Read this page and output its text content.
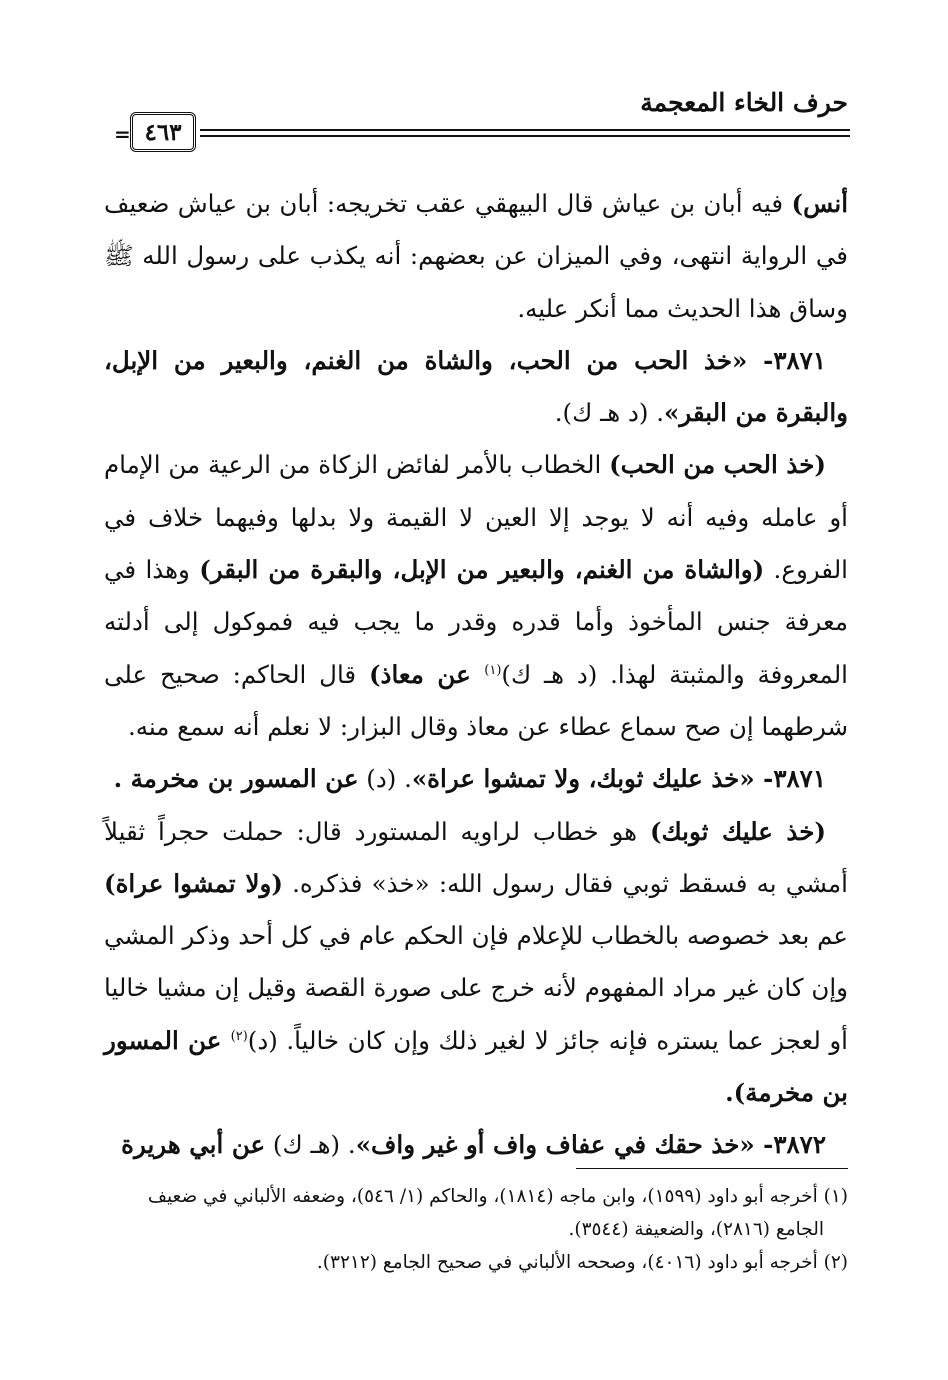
حرف الخاء المعجمة
٤٦٣
=

أنس) فيه أبان بن عياش قال البيهقي عقب تخريجه: أبان بن عياش ضعيف في الرواية انتهى، وفي الميزان عن بعضهم: أنه يكذب على رسول الله ﷺ وساق هذا الحديث مما أنكر عليه.

٣٨٧١- «خذ الحب من الحب، والشاة من الغنم، والبعير من الإبل، والبقرة من البقر». (د هـ ك).

(خذ الحب من الحب) الخطاب بالأمر لفائض الزكاة من الرعية من الإمام أو عامله وفيه أنه لا يوجد إلا العين لا القيمة ولا بدلها وفيهما خلاف في الفروع. (والشاة من الغنم، والبعير من الإبل، والبقرة من البقر) وهذا في معرفة جنس المأخوذ وأما قدره وقدر ما يجب فيه فموكول إلى أدلته المعروفة والمثبتة لهذا. (د هـ ك)$^{(١)}$ عن معاذ) قال الحاكم: صحيح على شرطهما إن صح سماع عطاء عن معاذ وقال البزار: لا نعلم أنه سمع منه.

٣٨٧١- «خذ عليك ثوبك، ولا تمشوا عراة». (د) عن المسور بن مخرمة .

(خذ عليك ثوبك) هو خطاب لراويه المستورد قال: حملت حجراً ثقيلاً أمشي به فسقط ثوبي فقال رسول الله: «خذ» فذكره. (ولا تمشوا عراة) عم بعد خصوصه بالخطاب للإعلام فإن الحكم عام في كل أحد وذكر المشي وإن كان غير مراد المفهوم لأنه خرج على صورة القصة وقيل إن مشيا خاليا أو لعجز عما يستره فإنه جائز لا لغير ذلك وإن كان خالياً. (د)$^{(٢)}$ عن المسور بن مخرمة).

٣٨٧٢- «خذ حقك في عفاف واف أو غير واف». (هـ ك) عن أبي هريرة

(١) أخرجه أبو داود (١٥٩٩)، وابن ماجه (١٨١٤)، والحاكم (١/ ٥٤٦)، وضعفه الألباني في ضعيف

الجامع (٢٨١٦)، والضعيفة (٣٥٤٤).

(٢) أخرجه أبو داود (٤٠١٦)، وصححه الألباني في صحيح الجامع (٣٢١٢).
